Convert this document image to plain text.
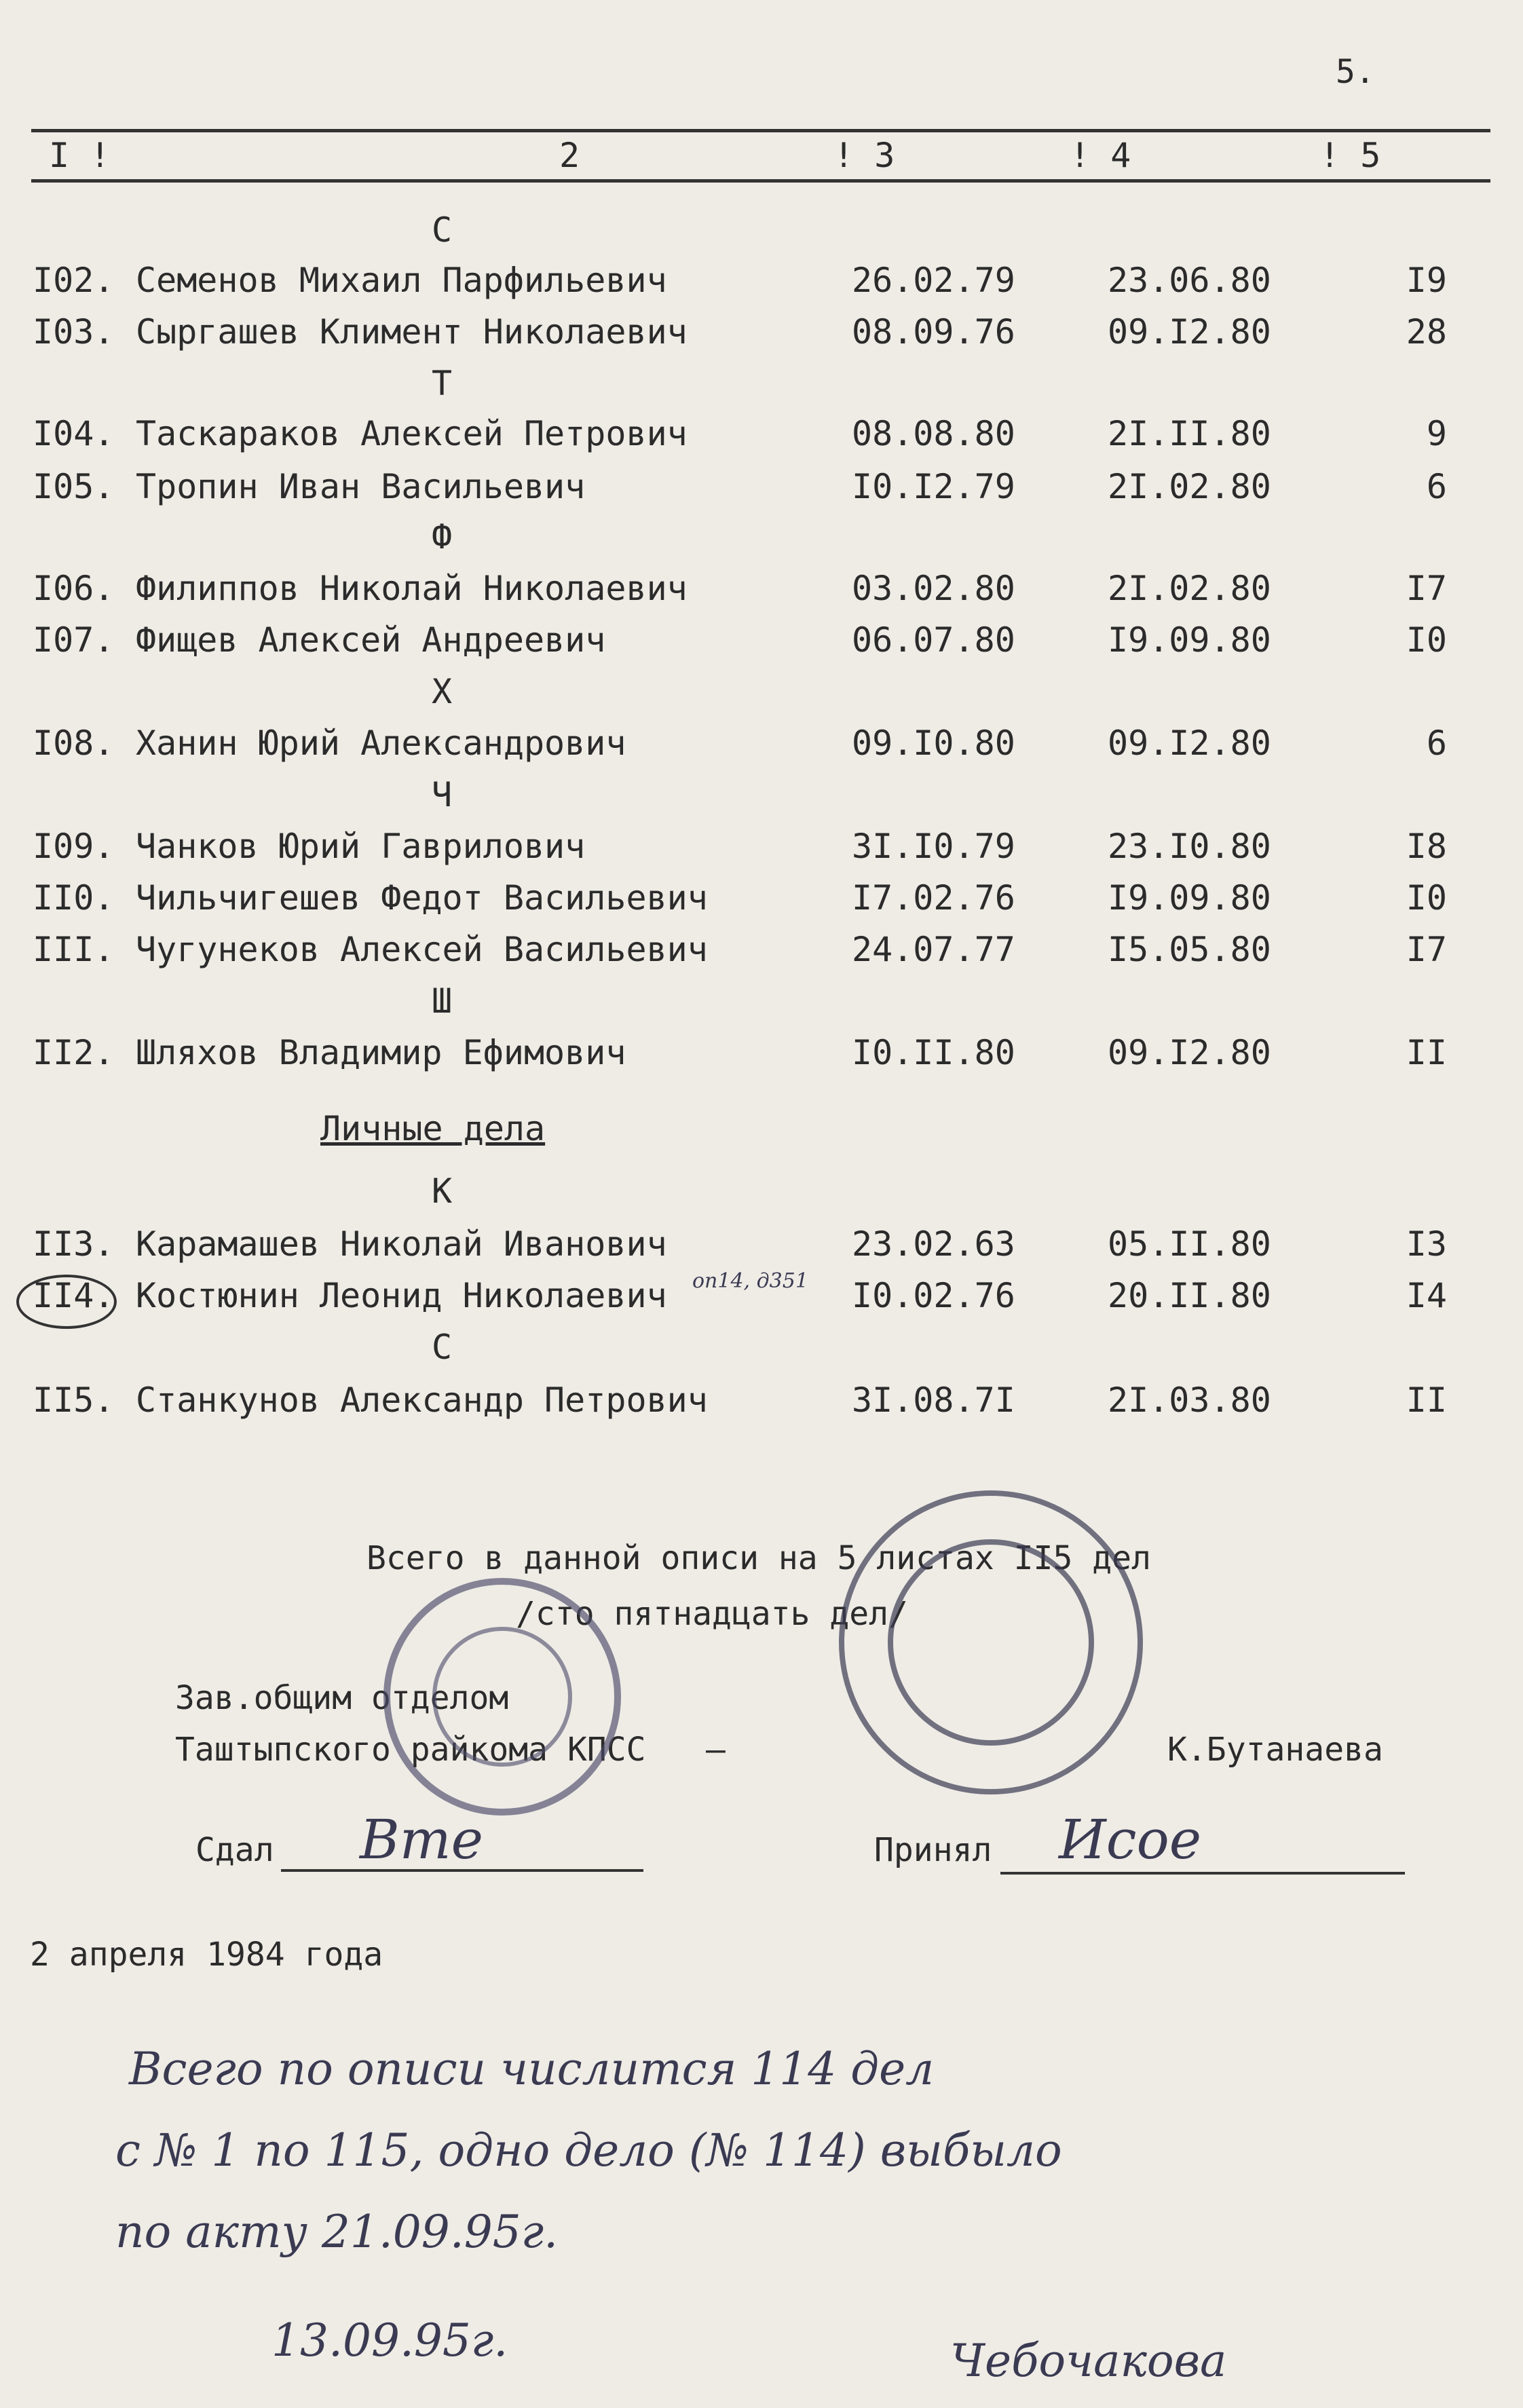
5.
I !	2	! 3	! 4	! 5
С
I02. Семенов Михаил Парфильевич	26.02.79	23.06.80	I9
I03. Сыргашев Климент Николаевич	08.09.76	09.I2.80	28
Т
I04. Таскараков Алексей Петрович	08.08.80	2I.II.80	9
I05. Тропин Иван Васильевич	I0.I2.79	2I.02.80	6
Ф
I06. Филиппов Николай Николаевич	03.02.80	2I.02.80	I7
I07. Фищев Алексей Андреевич	06.07.80	I9.09.80	I0
Х
I08. Ханин Юрий Александрович	09.I0.80	09.I2.80	6
Ч
I09. Чанков Юрий Гаврилович	3I.I0.79	23.I0.80	I8
II0. Чильчигешев Федот Васильевич	I7.02.76	I9.09.80	I0
III. Чугунеков Алексей Васильевич	24.07.77	I5.05.80	I7
Ш
II2. Шляхов Владимир Ефимович	I0.II.80	09.I2.80	II
Личные дела
К
II3. Карамашев Николай Иванович	23.02.63	05.II.80	I3
II4. Костюнин Леонид Николаевич	I0.02.76	20.II.80	I4
С
II5. Станкунов Александр Петрович	3I.08.7I	2I.03.80	II
оп14, д351
Всего в данной описи на 5 листах II5 дел
/сто пятнадцать дел/
Зав.общим отделом
Таштыпского райкома КПСС –	К.Бутанаева
Сдал Вте	Принял Исое
2 апреля 1984 года
Всего по описи числится 114 дел
с № 1 по 115, одно дело (№ 114) выбыло
по акту 21.09.95г.
13.09.95г.	Чебочакова
